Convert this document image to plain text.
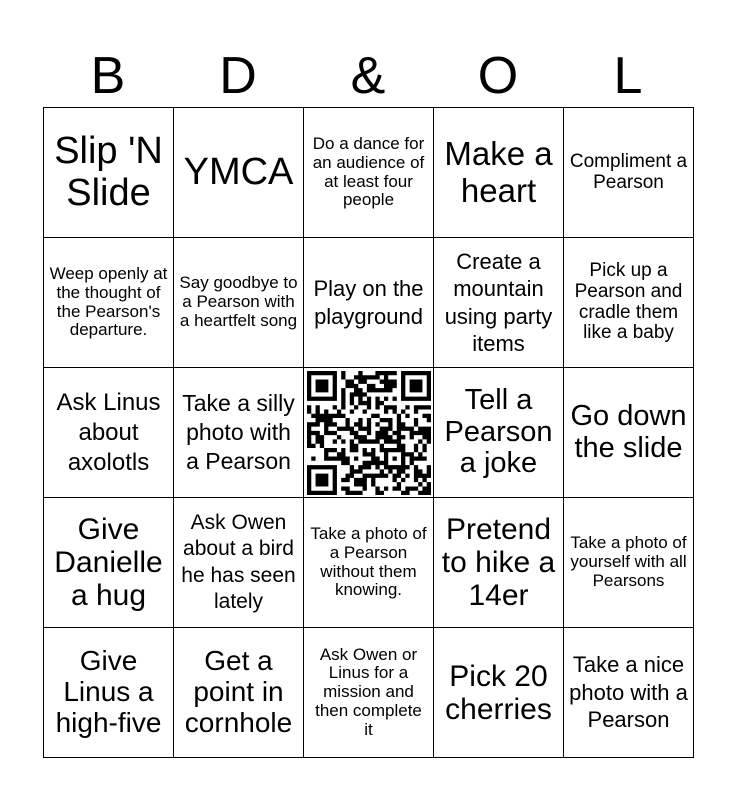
B	D	&	O	L
Slip 'N Slide	YMCA	Do a dance for an audience of at least four people	Make a heart	Compliment a Pearson
Weep openly at the thought of the Pearson's departure.	Say goodbye to a Pearson with a heartfelt song	Play on the playground	Create a mountain using party items	Pick up a Pearson and cradle them like a baby
Ask Linus about axolotls	Take a silly photo with a Pearson		Tell a Pearson a joke	Go down the slide
Give Danielle a hug	Ask Owen about a bird he has seen lately	Take a photo of a Pearson without them knowing.	Pretend to hike a 14er	Take a photo of yourself with all Pearsons
Give Linus a high-five	Get a point in cornhole	Ask Owen or Linus for a mission and then complete it	Pick 20 cherries	Take a nice photo with a Pearson
